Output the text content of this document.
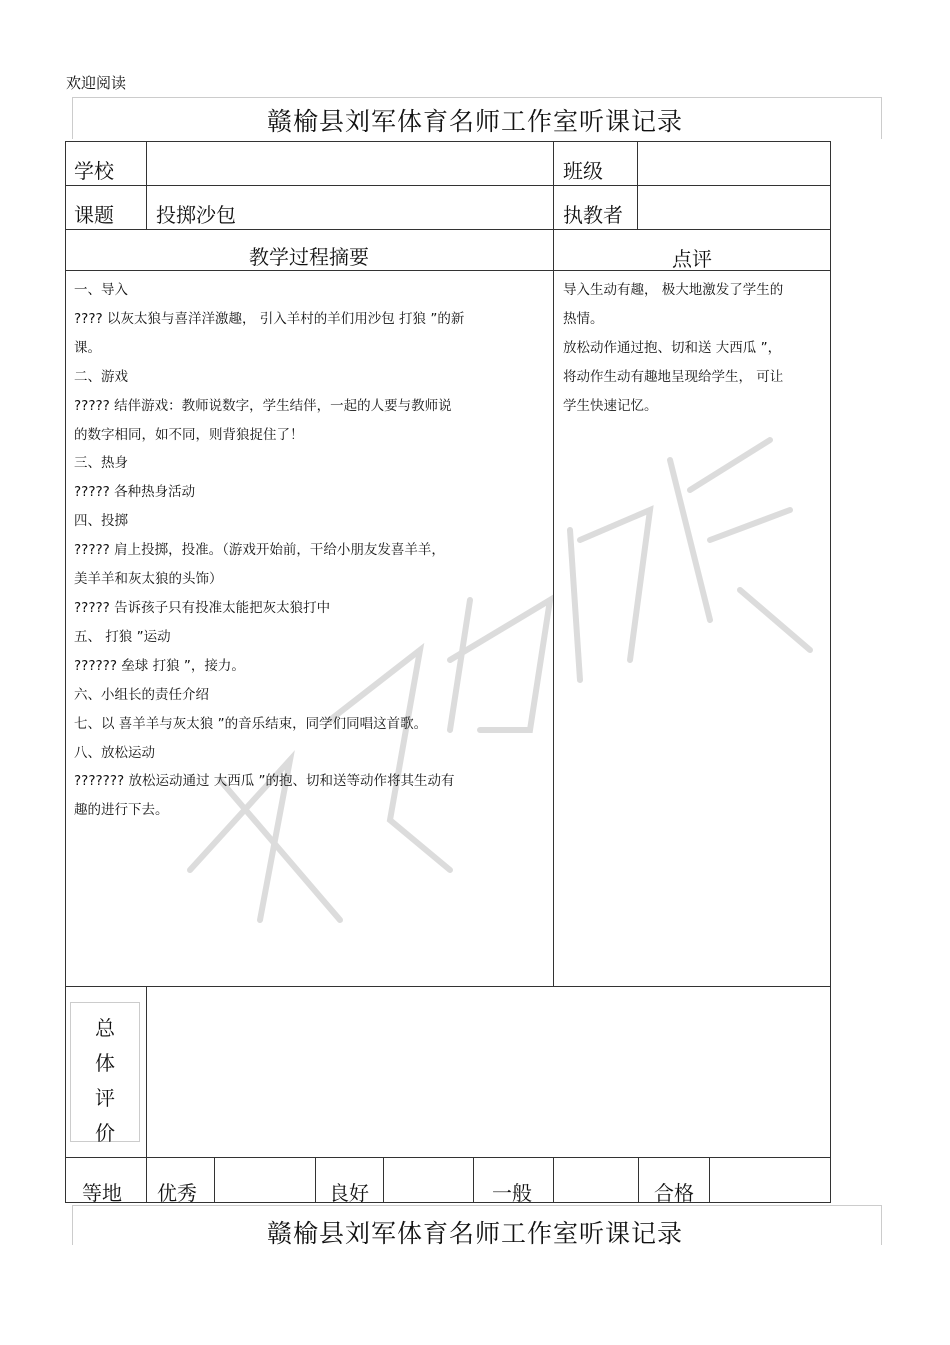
欢迎阅读
赣榆县刘军体育名师工作室听课记录
学校	班级
课题 投掷沙包	执教者
教学过程摘要	点评
一、导入
???? 以灰太狼与喜洋洋激趣， 引入羊村的羊们用沙包 打狼 ”的新
课。
二、游戏
????? 结伴游戏：教师说数字，学生结伴，一起的人要与教师说
的数字相同，如不同，则背狼捉住了！
三、热身
????? 各种热身活动
四、投掷
????? 肩上投掷，投准。（游戏开始前，干给小朋友发喜羊羊，
美羊羊和灰太狼的头饰）
????? 告诉孩子只有投准太能把灰太狼打中
五、 打狼 ”运动
?????? 垒球 打狼 ”，接力。
六、小组长的责任介绍
七、以 喜羊羊与灰太狼 ”的音乐结束，同学们同唱这首歌。
八、放松运动
??????? 放松运动通过 大西瓜 ”的抱、切和送等动作将其生动有
趣的进行下去。
导入生动有趣， 极大地激发了学生的
热情。
放松动作通过抱、切和送 大西瓜 ”，
将动作生动有趣地呈现给学生， 可让
学生快速记忆。
总
体
评
价
等地 优秀	良好	一般	合格
赣榆县刘军体育名师工作室听课记录
